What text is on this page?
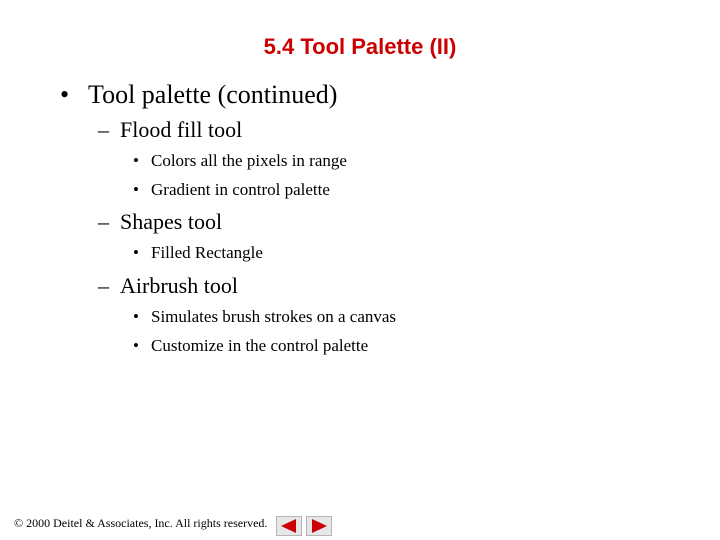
5.4 Tool Palette (II)
• Tool palette (continued)
– Flood fill tool
• Colors all the pixels in range
• Gradient in control palette
– Shapes tool
• Filled Rectangle
– Airbrush tool
• Simulates brush strokes on a canvas
• Customize in the control palette
© 2000 Deitel & Associates, Inc. All rights reserved.
